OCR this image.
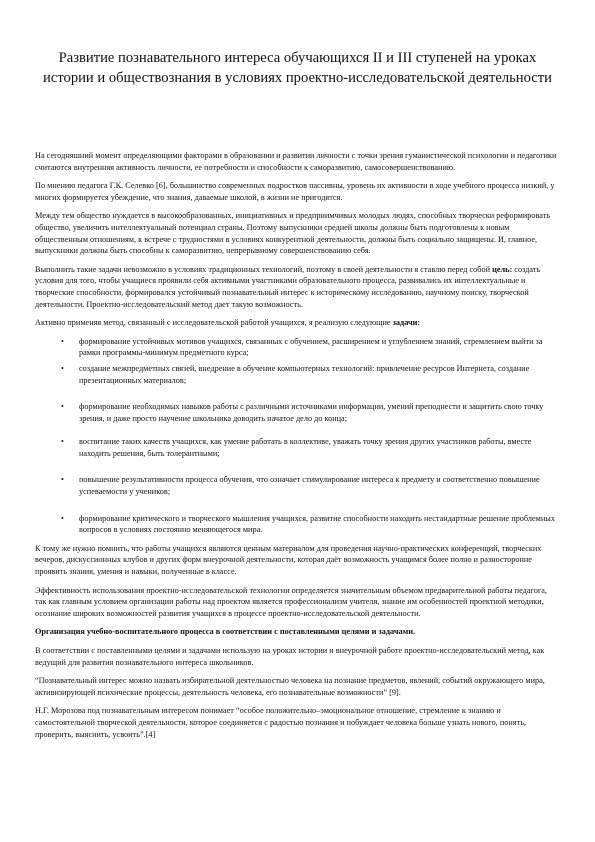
Развитие познавательного интереса обучающихся II и III ступеней на уроках истории и обществознания в условиях проектно-исследовательской деятельности

На сегодняшний момент определяющими факторами в образовании и развитии личности с точки зрения гуманистической психологии и педагогики считаются внутренняя активность личности, ее потребности и способности к саморазвитию, самосовершенствованию.

По мнению педагога Г.К. Селевко [6], большинство современных подростков пассивны, уровень их активности в ходе учебного процесса низкий, у многих формируется убеждение, что знания, даваемые школой, в жизни не пригодятся.

Между тем общество нуждается в высокообразованных, инициативных и предприимчивых молодых людях, способных творчески реформировать общество, увеличить интеллектуальный потенциал страны. Поэтому выпускники средней школы должны быть подготовлены к новым общественным отношениям, к встрече с трудностями в условиях конкурентной деятельности, должны быть социально защищены. И, главное, выпускники должны быть способны к саморазвитию, непрерывному совершенствованию себя.

Выполнить такие задачи невозможно в условиях традиционных технологий, поэтому в своей деятельности я ставлю перед собой цель: создать условия для того, чтобы учащиеся проявили себя активными участниками образовательного процесса, развивались их интеллектуальные и творческие способности, формировался устойчивый познавательный интерес к историческому исследованию, научному поиску, творческой деятельности. Проектно-исследовательский метод дает такую возможность.

Активно применяя метод, связанный с исследовательской работой учащихся, я реализую следующие задачи:

• формирование устойчивых мотивов учащихся, связанных с обучением, расширением и углублением знаний, стремлением выйти за рамки программы-минимум предметного курса;
• создание межпредметных связей, внедрение в обучение компьютерных технологий: привлечение ресурсов Интернета, создание презентационных материалов;
• формирование необходимых навыков работы с различными источниками информации, умений преподнести и защитить свою точку зрения, и даже просто научение школьника доводить начатое дело до конца;
• воспитание таких качеств учащихся, как умение работать в коллективе, уважать точку зрения других участников работы, вместе находить решения, быть толерантными;
• повышение результативности процесса обучения, что означает стимулирование интереса к предмету и соответственно повышение успеваемости у учеников;
• формирование критического и творческого мышления учащихся, развитие способности находить нестандартные решение проблемных вопросов в условиях постоянно меняющегося мира.

К тому же нужно помнить, что работы учащихся являются ценным материалом для проведения научно-практических конференций, творческих вечеров, дискуссионных клубов и других форм внеурочной деятельности, которая даёт возможность учащимся более полно и разносторонне проявить знания, умения и навыки, полученные в классе.

Эффективность использования проектно-исследовательской технологии определяется значительным объемом предварительной работы педагога, так как главным условием организации работы над проектом является профессионализм учителя, знание им особенностей проектной методики, осознание широких возможностей развития учащихся в процессе проектно-исследовательской деятельности.

Организация учебно-воспитательного процесса в соответствии с поставленными целями и задачами.

В соответствии с поставленными целями и задачами использую на уроках истории и внеурочной работе проектно-исследовательский метод, как ведущий для развития познавательного интереса школьников.

“Познавательный интерес можно назвать избирательной деятельностью человека на познание предметов, явлений, событий окружающего мира, активизирующей психические процессы, деятельность человека, его познавательные возможности” [9].

Н.Г. Морозова под познавательным интересом понимает “особое положительно–эмоциональное отношение, стремление к знанию и самостоятельной творческой деятельности, которое соединяется с радостью познания и побуждает человека больше узнать нового, понять, проверить, выяснить, усвоить”.[4]
